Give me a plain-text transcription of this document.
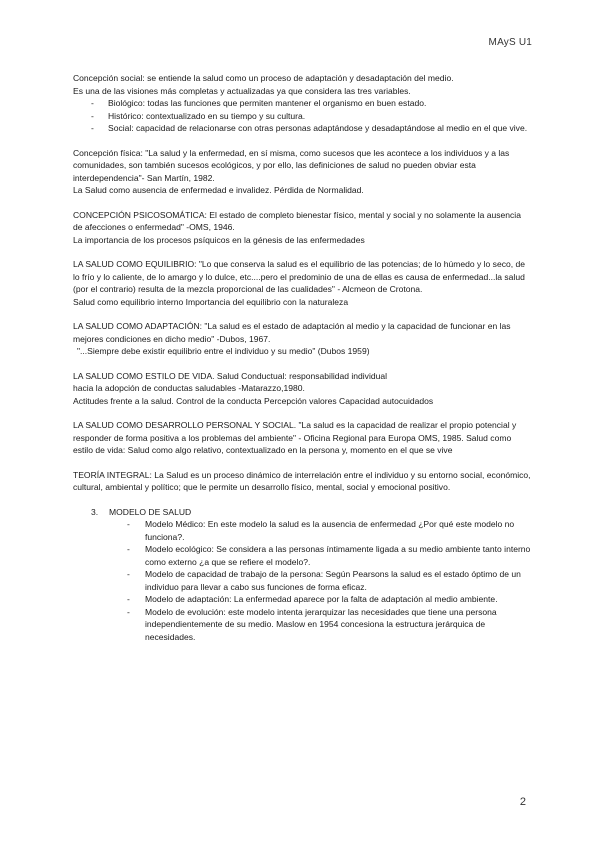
MAyS U1

Concepción social: se entiende la salud como un proceso de adaptación y desadaptación del medio.

Es una de las visiones más completas y actualizadas ya que considera las tres variables.

- Biológico: todas las funciones que permiten mantener el organismo en buen estado.
- Histórico: contextualizado en su tiempo y su cultura.
- Social: capacidad de relacionarse con otras personas adaptándose y desadaptándose al medio en el que vive.

Concepción física: "La salud y la enfermedad, en sí misma, como sucesos que les acontece a los individuos y a las comunidades, son también sucesos ecológicos, y por ello, las definiciones de salud no pueden obviar esta interdependencia"- San Martín, 1982.

La Salud como ausencia de enfermedad e invalidez. Pérdida de Normalidad.

CONCEPCIÓN PSICOSOMÁTICA: El estado de completo bienestar físico, mental y social y no solamente la ausencia de afecciones o enfermedad" -OMS, 1946.

La importancia de los procesos psíquicos en la génesis de las enfermedades

LA SALUD COMO EQUILIBRIO: "Lo que conserva la salud es el equilibrio de las potencias; de lo húmedo y lo seco, de lo frío y lo caliente, de lo amargo y lo dulce, etc....pero el predominio de una de ellas es causa de enfermedad...la salud (por el contrario) resulta de la mezcla proporcional de las cualidades" - Alcmeon de Crotona.

Salud como equilibrio interno Importancia del equilibrio con la naturaleza

LA SALUD COMO ADAPTACIÓN: "La salud es el estado de adaptación al medio y la capacidad de funcionar en las mejores condiciones en dicho medio" -Dubos, 1967.

"...Siempre debe existir equilibrio entre el individuo y su medio" (Dubos 1959)

LA SALUD COMO ESTILO DE VIDA. Salud Conductual: responsabilidad individual

hacia la adopción de conductas saludables -Matarazzo,1980.

Actitudes frente a la salud. Control de la conducta Percepción valores Capacidad autocuidados

LA SALUD COMO DESARROLLO PERSONAL Y SOCIAL. "La salud es la capacidad de realizar el propio potencial y responder de forma positiva a los problemas del ambiente" - Oficina Regional para Europa OMS, 1985. Salud como estilo de vida: Salud como algo relativo, contextualizado en la persona y, momento en el que se vive

TEORÍA INTEGRAL: La Salud es un proceso dinámico de interrelación entre el individuo y su entorno social, económico, cultural, ambiental y político; que le permite un desarrollo físico, mental, social y emocional positivo.

3. MODELO DE SALUD

- Modelo Médico: En este modelo la salud es la ausencia de enfermedad ¿Por qué este modelo no funciona?.
- Modelo ecológico: Se considera a las personas íntimamente ligada a su medio ambiente tanto interno como externo ¿a que se refiere el modelo?.
- Modelo de capacidad de trabajo de la persona: Según Pearsons la salud es el estado óptimo de un individuo para llevar a cabo sus funciones de forma eficaz.
- Modelo de adaptación: La enfermedad aparece por la falta de adaptación al medio ambiente.
- Modelo de evolución: este modelo intenta jerarquizar las necesidades que tiene una persona independientemente de su medio. Maslow en 1954 concesiona la estructura jerárquica de necesidades.
2
